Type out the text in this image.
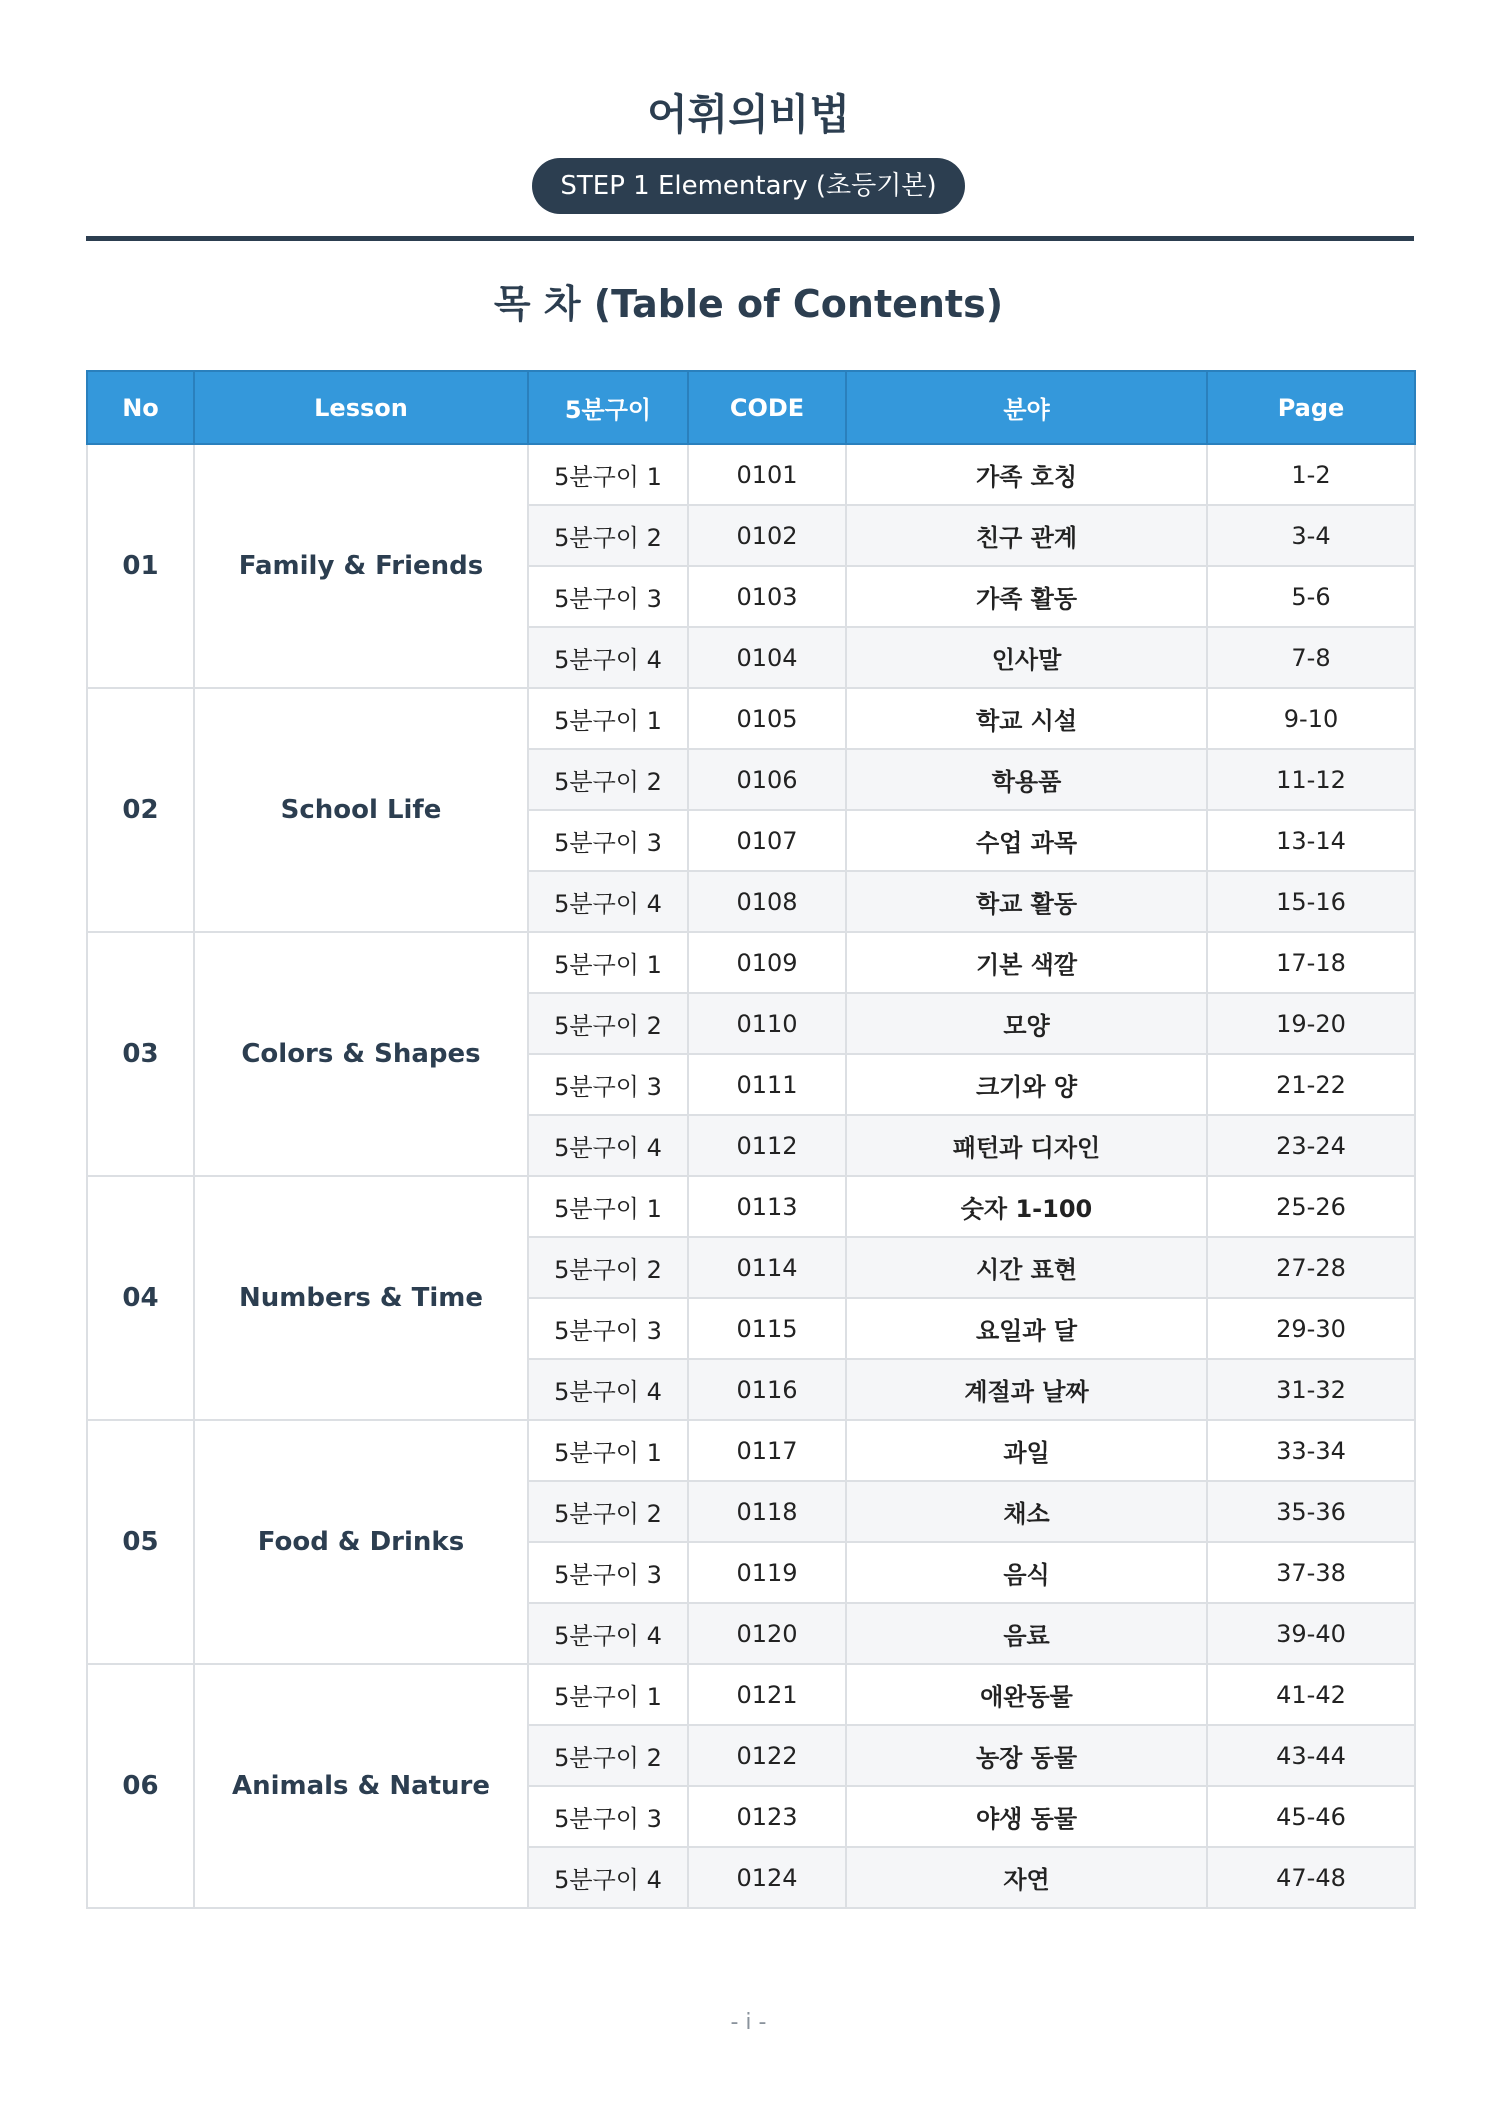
어휘의비법
STEP 1 Elementary (초등기본)
목 차 (Table of Contents)
No	Lesson	5분구이	CODE	분야	Page
01	Family & Friends	5분구이 1	0101	가족 호칭	1-2
		5분구이 2	0102	친구 관계	3-4
		5분구이 3	0103	가족 활동	5-6
		5분구이 4	0104	인사말	7-8
02	School Life	5분구이 1	0105	학교 시설	9-10
		5분구이 2	0106	학용품	11-12
		5분구이 3	0107	수업 과목	13-14
		5분구이 4	0108	학교 활동	15-16
03	Colors & Shapes	5분구이 1	0109	기본 색깔	17-18
		5분구이 2	0110	모양	19-20
		5분구이 3	0111	크기와 양	21-22
		5분구이 4	0112	패턴과 디자인	23-24
04	Numbers & Time	5분구이 1	0113	숫자 1-100	25-26
		5분구이 2	0114	시간 표현	27-28
		5분구이 3	0115	요일과 달	29-30
		5분구이 4	0116	계절과 날짜	31-32
05	Food & Drinks	5분구이 1	0117	과일	33-34
		5분구이 2	0118	채소	35-36
		5분구이 3	0119	음식	37-38
		5분구이 4	0120	음료	39-40
06	Animals & Nature	5분구이 1	0121	애완동물	41-42
		5분구이 2	0122	농장 동물	43-44
		5분구이 3	0123	야생 동물	45-46
		5분구이 4	0124	자연	47-48
- i -
